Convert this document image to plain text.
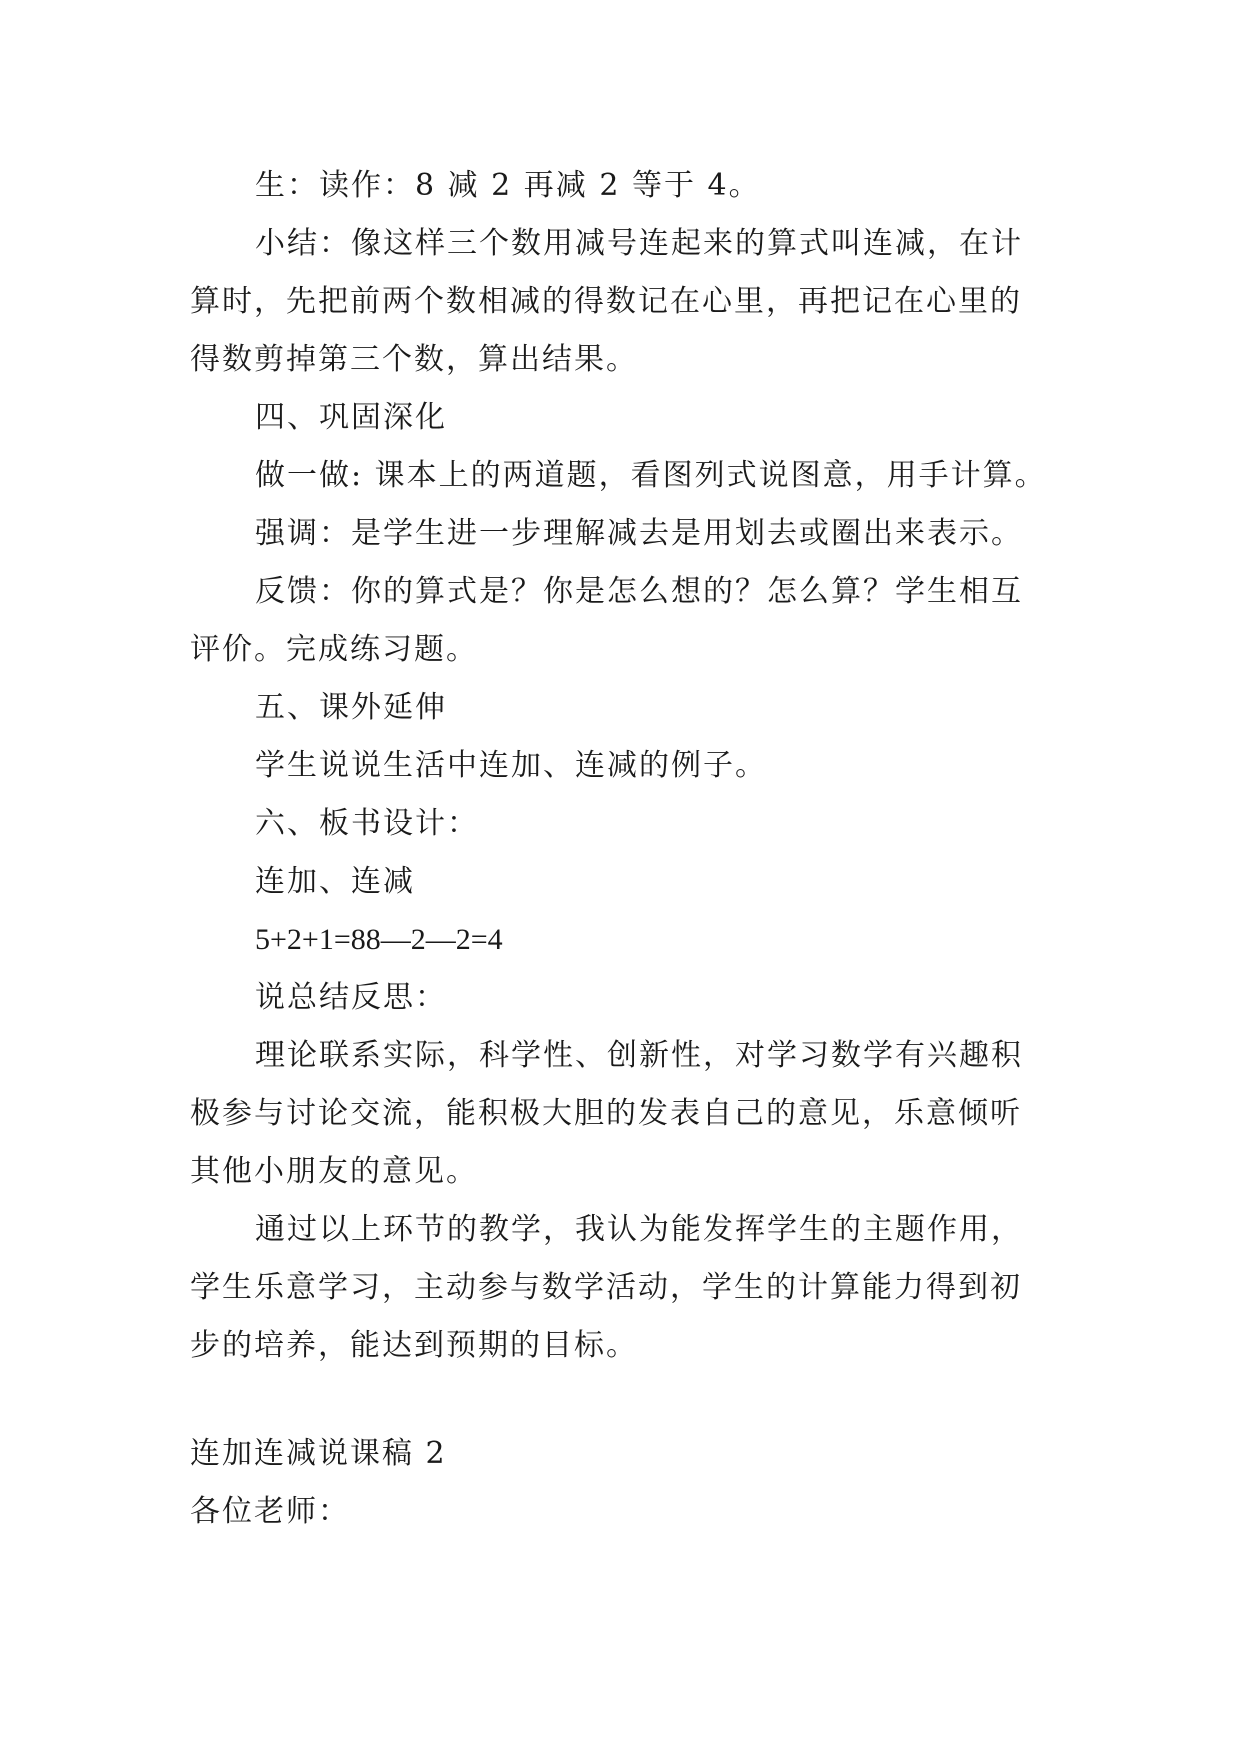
生：读作：8 减 2 再减 2 等于 4。
小结：像这样三个数用减号连起来的算式叫连减，在计
算时，先把前两个数相减的得数记在心里，再把记在心里的
得数剪掉第三个数，算出结果。
四、巩固深化
做一做: 课本上的两道题，看图列式说图意，用手计算。
强调：是学生进一步理解减去是用划去或圈出来表示。
反馈：你的算式是？你是怎么想的？怎么算？学生相互
评价。完成练习题。
五、课外延伸
学生说说生活中连加、连减的例子。
六、板书设计：
连加、连减
5+2+1=88—2—2=4
说总结反思：
理论联系实际，科学性、创新性，对学习数学有兴趣积
极参与讨论交流，能积极大胆的发表自己的意见，乐意倾听
其他小朋友的意见。
通过以上环节的教学，我认为能发挥学生的主题作用，
学生乐意学习，主动参与数学活动，学生的计算能力得到初
步的培养，能达到预期的目标。
连加连减说课稿 2
各位老师：
